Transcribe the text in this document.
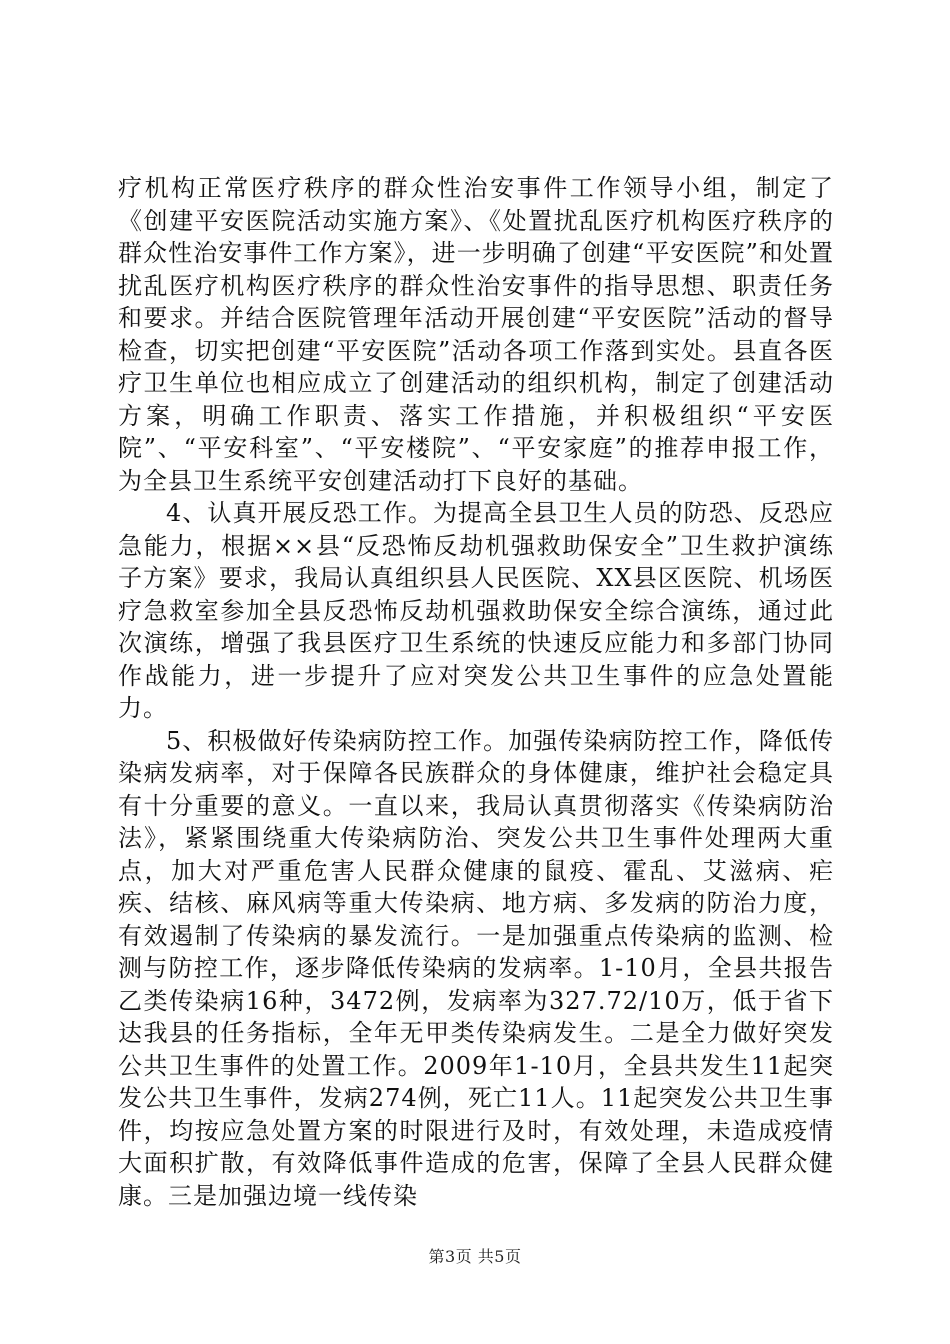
疗机构正常医疗秩序的群众性治安事件工作领导小组，制定了《创建平安医院活动实施方案》、《处置扰乱医疗机构医疗秩序的群众性治安事件工作方案》，进一步明确了创建“平安医院”和处置扰乱医疗机构医疗秩序的群众性治安事件的指导思想、职责任务和要求。并结合医院管理年活动开展创建“平安医院”活动的督导检查，切实把创建“平安医院”活动各项工作落到实处。县直各医疗卫生单位也相应成立了创建活动的组织机构，制定了创建活动方案，明确工作职责、落实工作措施，并积极组织“平安医院”、“平安科室”、“平安楼院”、“平安家庭”的推荐申报工作，为全县卫生系统平安创建活动打下良好的基础。

4、认真开展反恐工作。为提高全县卫生人员的防恐、反恐应急能力，根据××县“反恐怖反劫机强救助保安全”卫生救护演练子方案》要求，我局认真组织县人民医院、XX县区医院、机场医疗急救室参加全县反恐怖反劫机强救助保安全综合演练，通过此次演练，增强了我县医疗卫生系统的快速反应能力和多部门协同作战能力，进一步提升了应对突发公共卫生事件的应急处置能力。

5、积极做好传染病防控工作。加强传染病防控工作，降低传染病发病率，对于保障各民族群众的身体健康，维护社会稳定具有十分重要的意义。一直以来，我局认真贯彻落实《传染病防治法》，紧紧围绕重大传染病防治、突发公共卫生事件处理两大重点，加大对严重危害人民群众健康的鼠疫、霍乱、艾滋病、疟疾、结核、麻风病等重大传染病、地方病、多发病的防治力度，有效遏制了传染病的暴发流行。一是加强重点传染病的监测、检测与防控工作，逐步降低传染病的发病率。1-10月，全县共报告乙类传染病16种，3472例，发病率为327.72/10万，低于省下达我县的任务指标，全年无甲类传染病发生。二是全力做好突发公共卫生事件的处置工作。2009年1-10月，全县共发生11起突发公共卫生事件，发病274例，死亡11人。11起突发公共卫生事件，均按应急处置方案的时限进行及时，有效处理，未造成疫情大面积扩散，有效降低事件造成的危害，保障了全县人民群众健康。三是加强边境一线传染

第3页 共5页
